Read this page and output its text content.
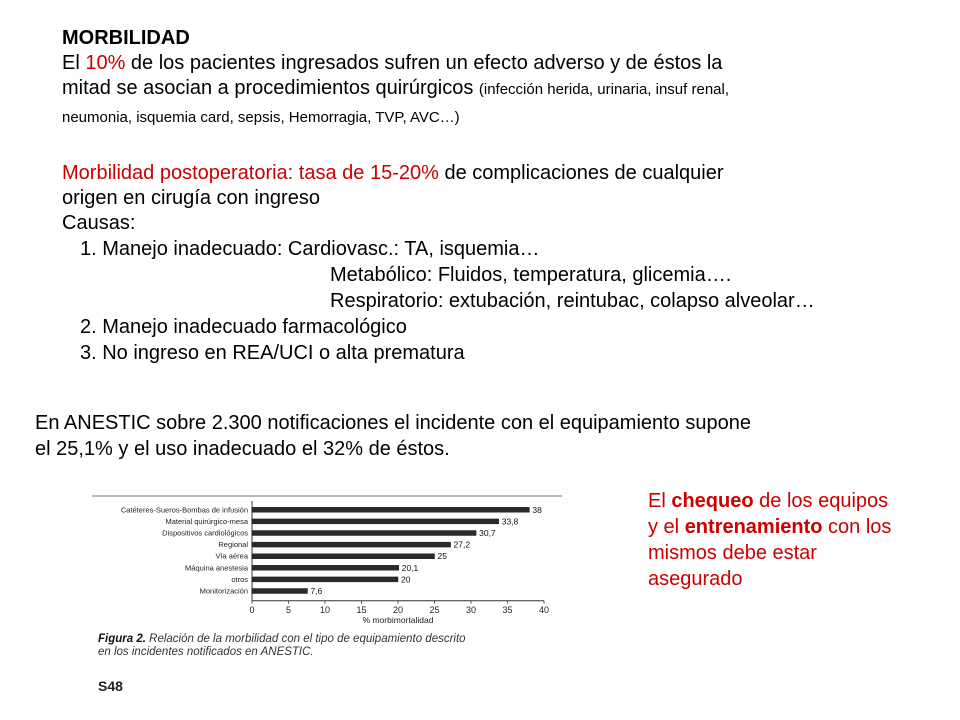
MORBILIDAD
El 10% de los pacientes ingresados sufren un efecto adverso y de éstos la
mitad se asocian a procedimientos quirúrgicos (infección herida, urinaria, insuf renal,
neumonia, isquemia card, sepsis, Hemorragia, TVP, AVC…)
Morbilidad postoperatoria: tasa de 15-20% de complicaciones de cualquier
origen en cirugía con ingreso
Causas:
1. Manejo inadecuado: Cardiovasc.: TA, isquemia…
Metabólico: Fluidos, temperatura, glicemia….
Respiratorio: extubación, reintubac, colapso alveolar…
2. Manejo inadecuado farmacológico
3. No ingreso en REA/UCI o alta prematura
En ANESTIC sobre 2.300 notificaciones el incidente con el equipamiento supone
el 25,1% y el uso inadecuado el 32% de éstos.
El chequeo de los equipos
y el entrenamiento con los
mismos debe estar
asegurado
Catéteres-Sueros-Bombas de infusión	38
Material quirúrgico-mesa	33,8
Dispositivos cardiológicos	30,7
Regional	27,2
Vía aérea	25
Máquina anestesia	20,1
otros	20
Monitorización	7,6
0	5	10	15	20	25	30	35	40
% morbimortalidad
Figura 2. Relación de la morbilidad con el tipo de equipamiento descrito
en los incidentes notificados en ANESTIC.
S48
